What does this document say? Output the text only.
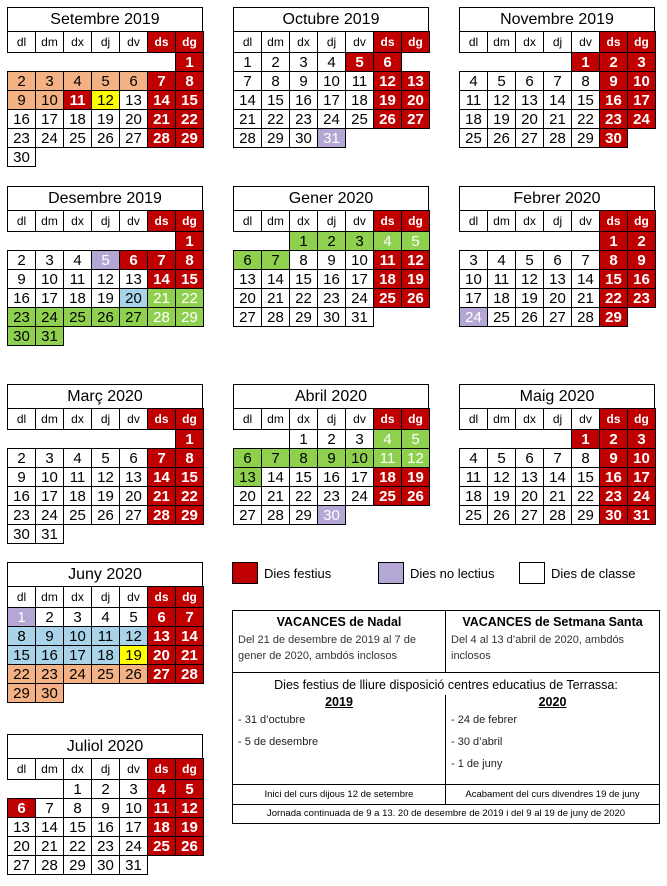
Setembre 2019
dl	dm	dx	dj	dv	ds	dg
						1
2	3	4	5	6	7	8
9	10	11	12	13	14	15
16	17	18	19	20	21	22
23	24	25	26	27	28	29
30						
Octubre 2019
dl	dm	dx	dj	dv	ds	dg
1	2	3	4	5	6	
7	8	9	10	11	12	13
14	15	16	17	18	19	20
21	22	23	24	25	26	27
28	29	30	31			
Novembre 2019
dl	dm	dx	dj	dv	ds	dg
				1	2	3
4	5	6	7	8	9	10
11	12	13	14	15	16	17
18	19	20	21	22	23	24
25	26	27	28	29	30	
Desembre 2019
dl	dm	dx	dj	dv	ds	dg
						1
2	3	4	5	6	7	8
9	10	11	12	13	14	15
16	17	18	19	20	21	22
23	24	25	26	27	28	29
30	31					
Gener 2020
dl	dm	dx	dj	dv	ds	dg
		1	2	3	4	5
6	7	8	9	10	11	12
13	14	15	16	17	18	19
20	21	22	23	24	25	26
27	28	29	30	31		
Febrer 2020
dl	dm	dx	dj	dv	ds	dg
					1	2
3	4	5	6	7	8	9
10	11	12	13	14	15	16
17	18	19	20	21	22	23
24	25	26	27	28	29	
Març 2020
dl	dm	dx	dj	dv	ds	dg
						1
2	3	4	5	6	7	8
9	10	11	12	13	14	15
16	17	18	19	20	21	22
23	24	25	26	27	28	29
30	31					
Abril 2020
dl	dm	dx	dj	dv	ds	dg
		1	2	3	4	5
6	7	8	9	10	11	12
13	14	15	16	17	18	19
20	21	22	23	24	25	26
27	28	29	30			
Maig 2020
dl	dm	dx	dj	dv	ds	dg
				1	2	3
4	5	6	7	8	9	10
11	12	13	14	15	16	17
18	19	20	21	22	23	24
25	26	27	28	29	30	31
Juny 2020
dl	dm	dx	dj	dv	ds	dg
1	2	3	4	5	6	7
8	9	10	11	12	13	14
15	16	17	18	19	20	21
22	23	24	25	26	27	28
29	30					
Juliol 2020
dl	dm	dx	dj	dv	ds	dg
		1	2	3	4	5
6	7	8	9	10	11	12
13	14	15	16	17	18	19
20	21	22	23	24	25	26
27	28	29	30	31		
Dies festius	Dies no lectius	Dies de classe
VACANCES de Nadal
Del 21 de desembre de 2019 al 7 de gener de 2020, ambdós inclosos
VACANCES de Setmana Santa
Del 4 al 13 d’abril de 2020, ambdós inclosos
Dies festius de lliure disposició centres educatius de Terrassa:
2019
- 31 d’octubre
- 5 de desembre
2020
- 24 de febrer
- 30 d’abril
- 1 de juny
Inici del curs dijous 12 de setembre	Acabament del curs divendres 19 de juny
Jornada continuada de 9 a 13. 20 de desembre de 2019 i del 9 al 19 de juny de 2020
